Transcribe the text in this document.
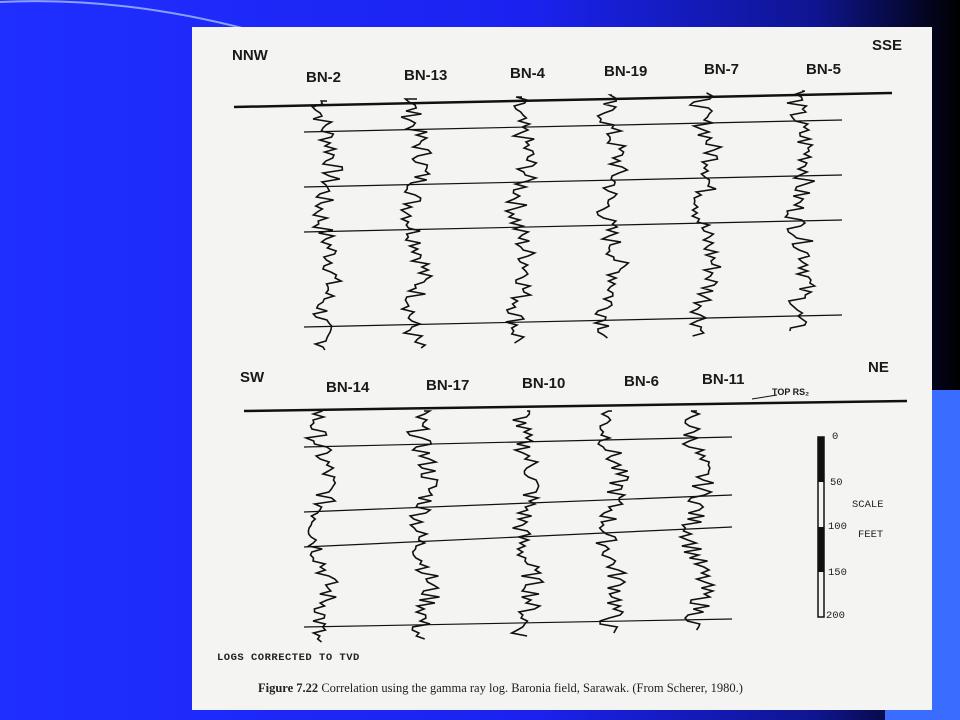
NNW
SSE
BN-2	BN-13	BN-4	BN-19	BN-7	BN-5
SW
NE
BN-14	BN-17	BN-10	BN-6	BN-11
TOP RS₂
0
50
100
150
200
SCALE
FEET
LOGS CORRECTED TO TVD
Figure 7.22 Correlation using the gamma ray log. Baronia field, Sarawak. (From Scherer, 1980.)
